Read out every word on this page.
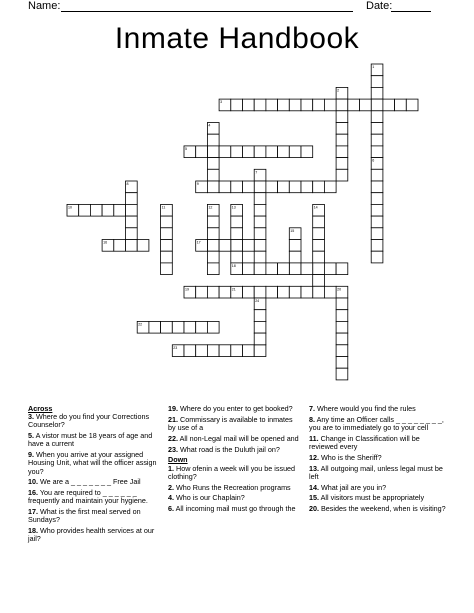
Name:	Date:
Inmate Handbook
1
6
2
3
4
5
7
8	9
10	11	12	13
18
14
15
16	17
19	20
21
22
23
24
Across
3. Where do you find your Corrections Counselor?
5. A vistor must be 18 years of age and have a current
9. When you arrive at your assigned Housing Unit, what will the officer assign you?
10. We are a _ _ _ _ _ _ _ Free Jail
16. You are required to _ _ _ _ _ _ frequently and maintain your hygiene.
17. What is the first meal served on Sundays?
18. Who provides health services at our jail?
19. Where do you enter to get booked?
21. Commissary is available to inmates by use of a
22. All non-Legal mail will be opened and
23. What road is the Duluth jail on?
Down
1. How ofenin a week will you be issued clothing?
2. Who Runs the Recreation programs
4. Who is our Chaplain?
6. All incoming mail must go through the
7. Where would you find the rules
8. Any time an Officer calls _ _ _ _ _ _ _ _, you are to immediately go to your cell
11. Change in Classification will be reviewed every
12. Who is the Sheriff?
13. All outgoing mail, unless legal must be left
14. What jail are you in?
15. All visitors must be appropriately
20. Besides the weekend, when is visiting?
